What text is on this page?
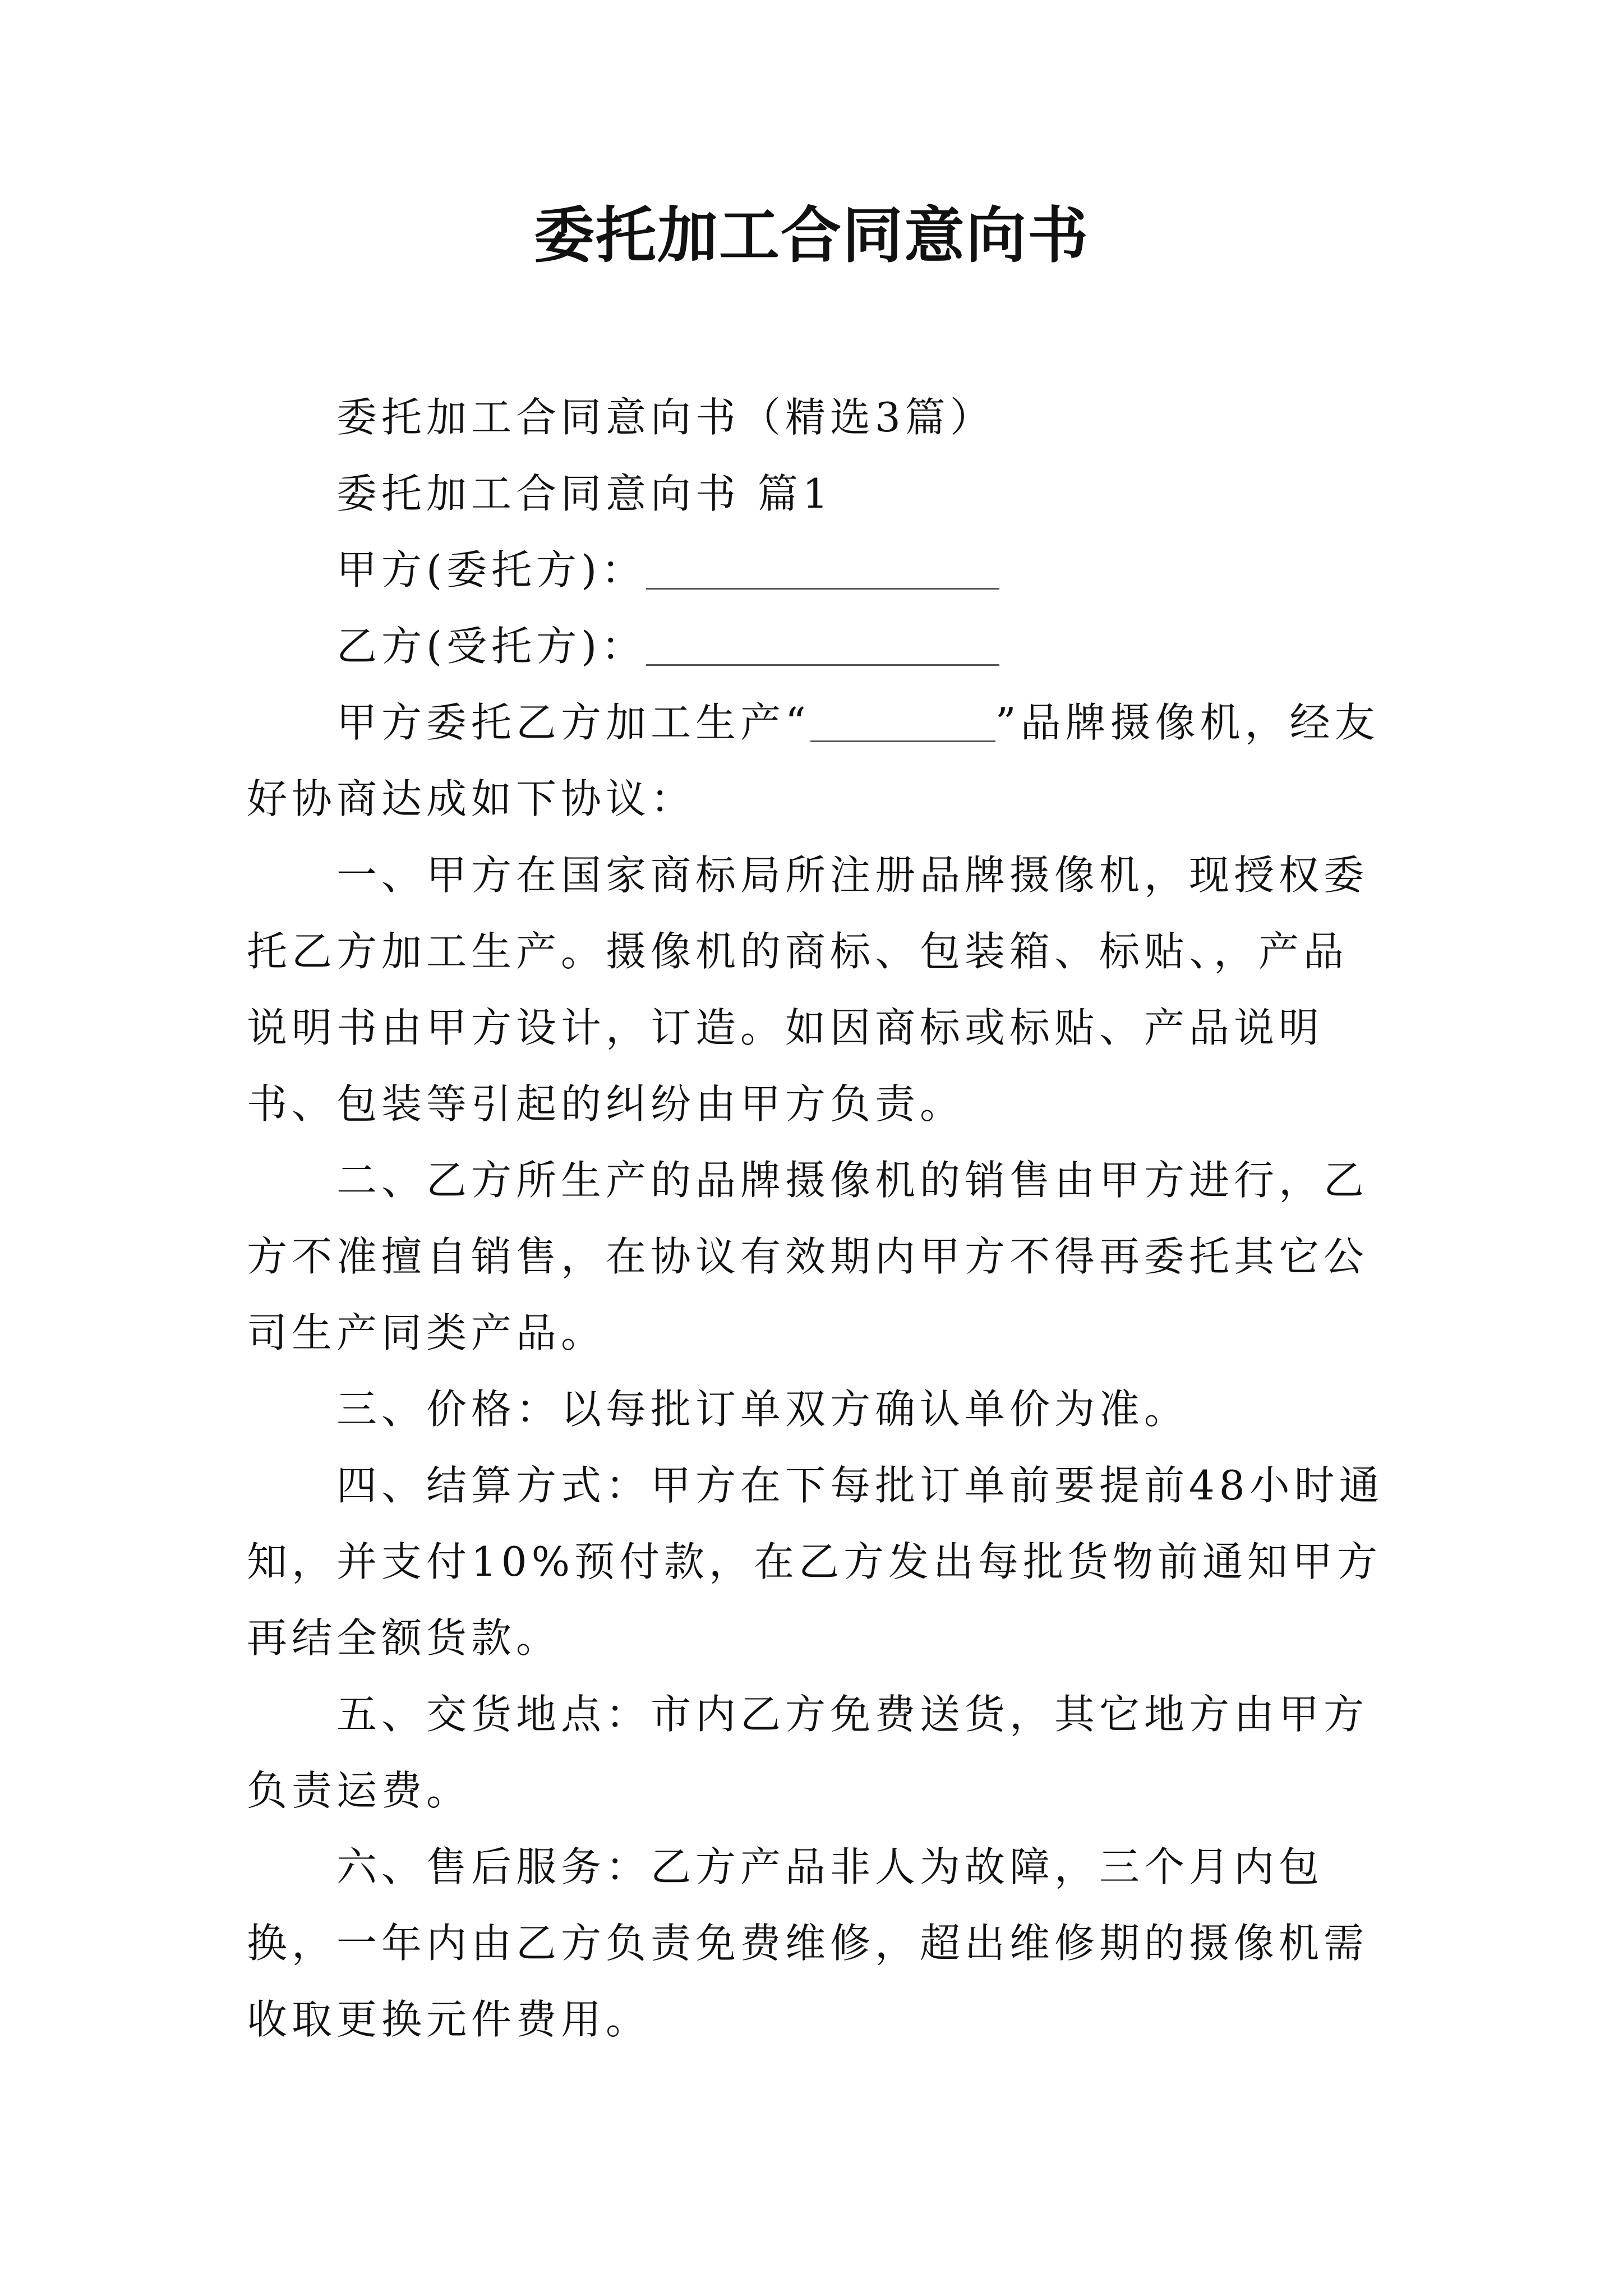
委托加工合同意向书

委托加工合同意向书（精选3篇）

委托加工合同意向书 篇1

甲方(委托方)：

乙方(受托方)：

甲方委托乙方加工生产“	”品牌摄像机，经友好协商达成如下协议：

一、甲方在国家商标局所注册品牌摄像机，现授权委托乙方加工生产。摄像机的商标、包装箱、标贴、，产品说明书由甲方设计，订造。如因商标或标贴、产品说明书、包装等引起的纠纷由甲方负责。

二、乙方所生产的品牌摄像机的销售由甲方进行，乙方不准擅自销售，在协议有效期内甲方不得再委托其它公司生产同类产品。

三、价格：以每批订单双方确认单价为准。

四、结算方式：甲方在下每批订单前要提前48小时通知，并支付10%预付款，在乙方发出每批货物前通知甲方再结全额货款。

五、交货地点：市内乙方免费送货，其它地方由甲方负责运费。

六、售后服务：乙方产品非人为故障，三个月内包换，一年内由乙方负责免费维修，超出维修期的摄像机需收取更换元件费用。
